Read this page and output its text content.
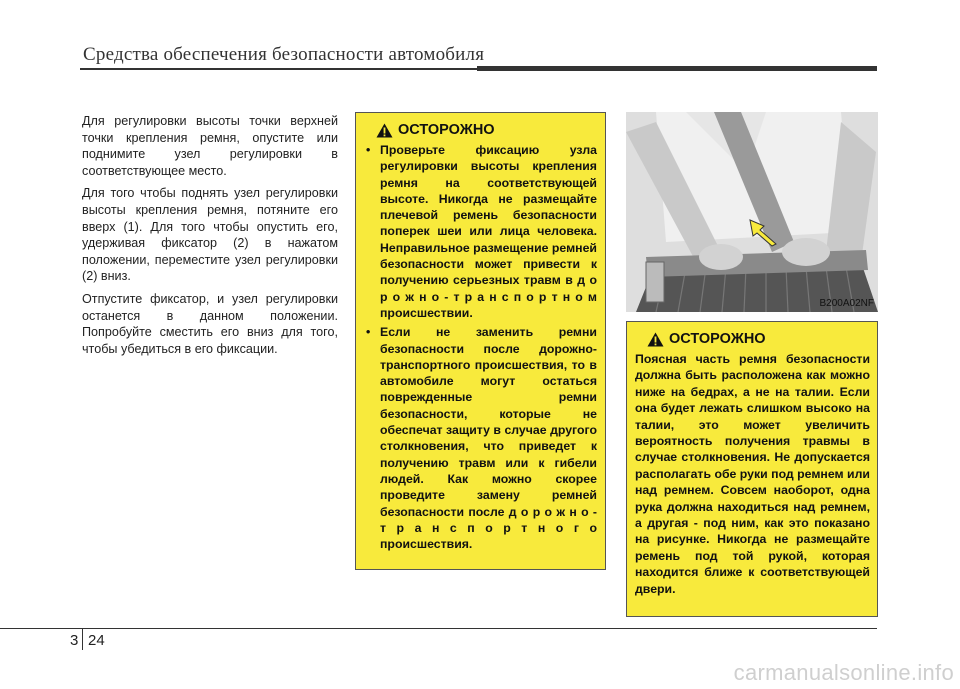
Средства обеспечения безопасности автомобиля

Для регулировки высоты точки верхней точки крепления ремня, опустите или поднимите узел регулировки в соответствующее место.

Для того чтобы поднять узел регулировки высоты крепления ремня, потяните его вверх (1). Для того чтобы опустить его, удерживая фиксатор (2) в нажатом положении, переместите узел регулировки (2) вниз.

Отпустите фиксатор, и узел регулировки останется в данном положении. Попробуйте сместить его вниз для того, чтобы убедиться в его фиксации.

ОСТОРОЖНО
• Проверьте фиксацию узла регулировки высоты крепления ремня на соответствующей высоте. Никогда не размещайте плечевой ремень безопасности поперек шеи или лица человека. Неправильное размещение ремней безопасности может привести к получению серьезных травм в д о р о ж н о - т р а н с п о р т н о м происшествии.
• Если не заменить ремни безопасности после дорожно-транспортного происшествия, то в автомобиле могут остаться поврежденные ремни безопасности, которые не обеспечат защиту в случае другого столкновения, что приведет к получению травм или к гибели людей. Как можно скорее проведите замену ремней безопасности после д о р о ж н о - т р а н с п о р т н о г о происшествия.
B200A02NF
ОСТОРОЖНО

Поясная часть ремня безопасности должна быть расположена как можно ниже на бедрах, а не на талии. Если она будет лежать слишком высоко на талии, это может увеличить вероятность получения травмы в случае столкновения. Не допускается располагать обе руки под ремнем или над ремнем. Совсем наоборот, одна рука должна находиться над ремнем, а другая - под ним, как это показано на рисунке. Никогда не размещайте ремень под той рукой, которая находится ближе к соответствующей двери.

3 24
carmanualsonline.info
